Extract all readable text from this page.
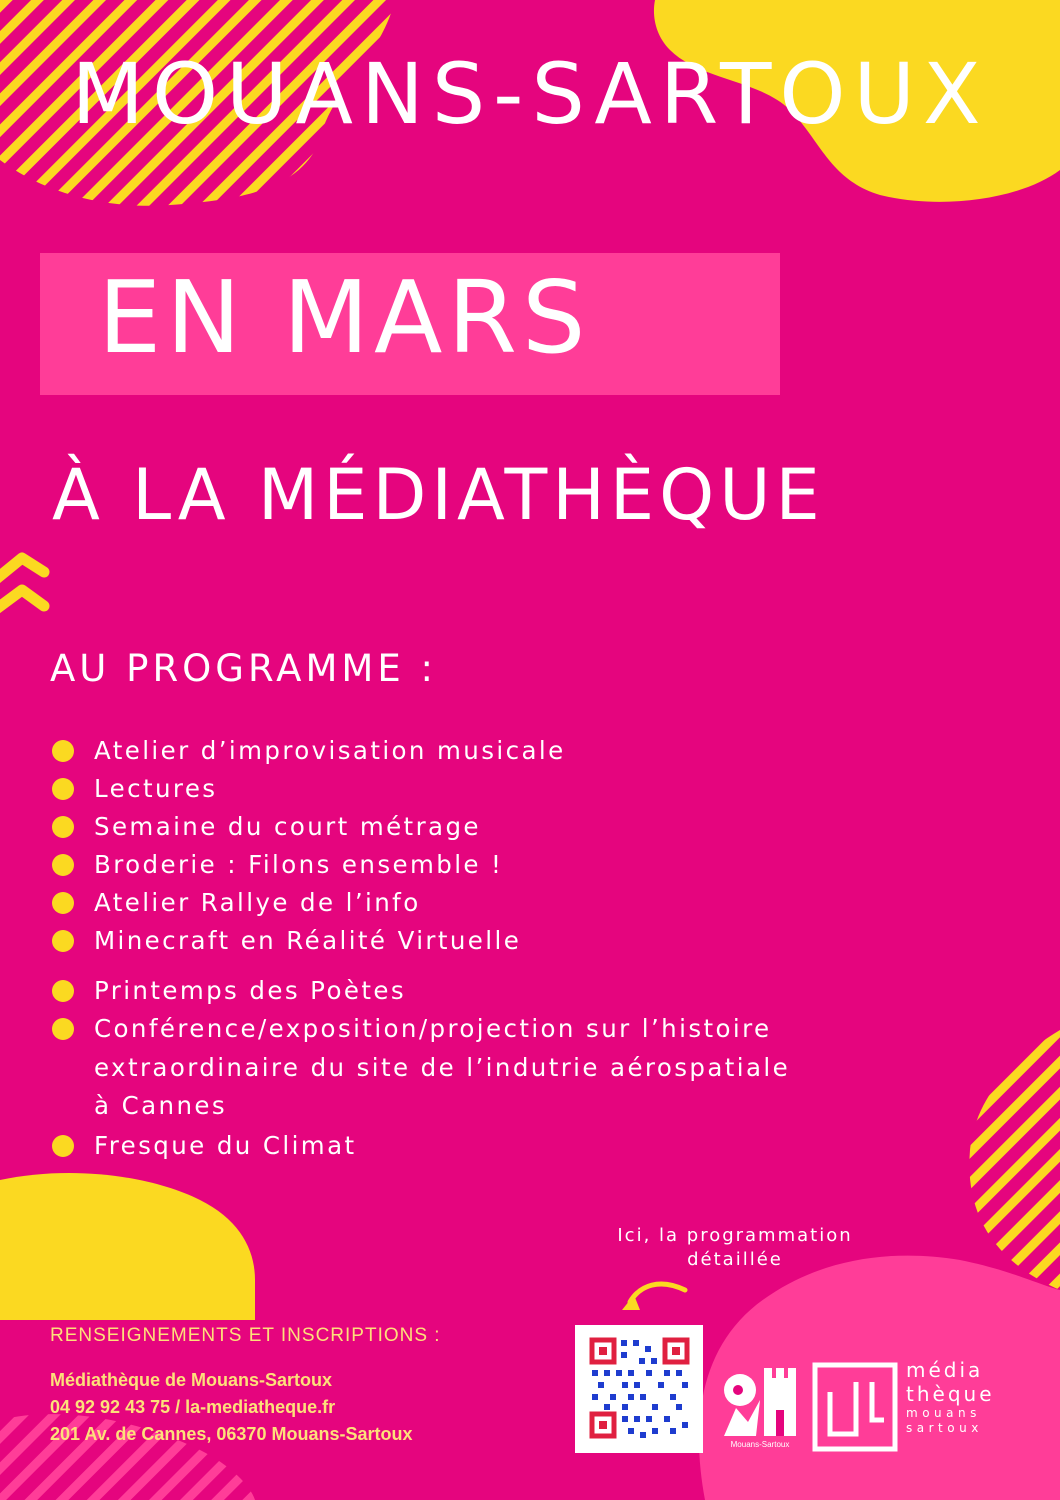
MOUANS-SARTOUX
EN MARS
À LA MÉDIATHÈQUE
AU PROGRAMME :
Atelier d’improvisation musicale
Lectures
Semaine du court métrage
Broderie : Filons ensemble !
Atelier Rallye de l’info
Minecraft en Réalité Virtuelle
Printemps des Poètes
Conférence/exposition/projection sur l’histoire
extraordinaire du site de l’indutrie aérospatiale
à Cannes
Fresque du Climat
Ici, la programmation
détaillée
RENSEIGNEMENTS ET INSCRIPTIONS :
Médiathèque de Mouans-Sartoux
04 92 92 43 75 / la-mediatheque.fr
201 Av. de Cannes, 06370 Mouans-Sartoux
Mouans-Sartoux
média
thèque
mouans
sartoux
